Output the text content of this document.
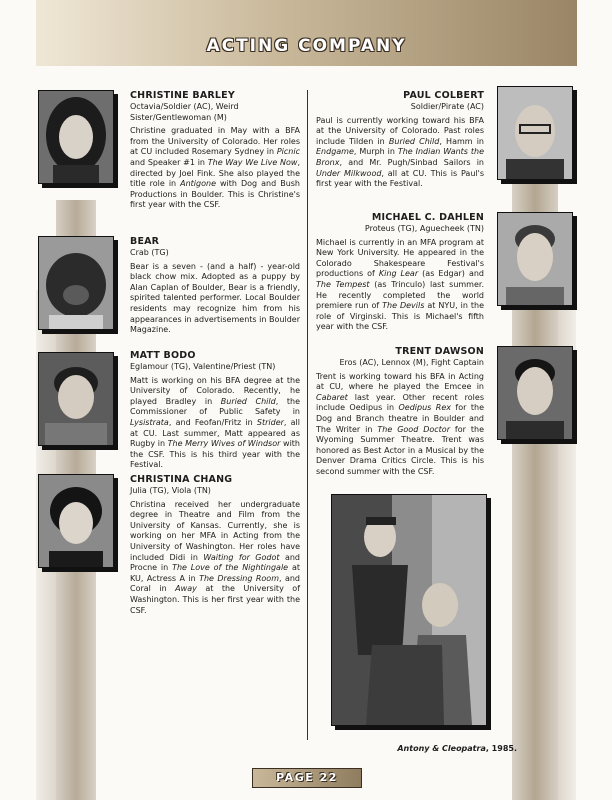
ACTING COMPANY
CHRISTINE BARLEY
Octavia/Soldier (AC), Weird
Sister/Gentlewoman (M)
Christine graduated in May with a BFA from the University of Colorado. Her roles at CU included Rosemary Sydney in Picnic and Speaker #1 in The Way We Live Now, directed by Joel Fink. She also played the title role in Antigone with Dog and Bush Productions in Boulder. This is Christine's first year with the CSF.
BEAR
Crab (TG)
Bear is a seven - (and a half) - year-old black chow mix. Adopted as a puppy by Alan Caplan of Boulder, Bear is a friendly, spirited talented performer. Local Boulder residents may recognize him from his appearances in advertisements in Boulder Magazine.
MATT BODO
Eglamour (TG), Valentine/Priest (TN)
Matt is working on his BFA degree at the University of Colorado. Recently, he played Bradley in Buried Child, the Commissioner of Public Safety in Lysistrata, and Feofan/Fritz in Strider, all at CU. Last summer, Matt appeared as Rugby in The Merry Wives of Windsor with the CSF. This is his third year with the Festival.
CHRISTINA CHANG
Julia (TG), Viola (TN)
Christina received her undergraduate degree in Theatre and Film from the University of Kansas. Currently, she is working on her MFA in Acting from the University of Washington. Her roles have included Didi in Waiting for Godot and Procne in The Love of the Nightingale at KU, Actress A in The Dressing Room, and Coral in Away at the University of Washington. This is her first year with the CSF.
PAUL COLBERT
Soldier/Pirate (AC)
Paul is currently working toward his BFA at the University of Colorado. Past roles include Tilden in Buried Child, Hamm in Endgame, Murph in The Indian Wants the Bronx, and Mr. Pugh/Sinbad Sailors in Under Milkwood, all at CU. This is Paul's first year with the Festival.
MICHAEL C. DAHLEN
Proteus (TG), Aguecheek (TN)
Michael is currently in an MFA program at New York University. He appeared in the Colorado Shakespeare Festival's productions of King Lear (as Edgar) and The Tempest (as Trinculo) last summer. He recently completed the world premiere run of The Devils at NYU, in the role of Virginski. This is Michael's fifth year with the CSF.
TRENT DAWSON
Eros (AC), Lennox (M), Fight Captain
Trent is working toward his BFA in Acting at CU, where he played the Emcee in Cabaret last year. Other recent roles include Oedipus in Oedipus Rex for the Dog and Branch theatre in Boulder and The Writer in The Good Doctor for the Wyoming Summer Theatre. Trent was honored as Best Actor in a Musical by the Denver Drama Critics Circle. This is his second summer with the CSF.
Antony & Cleopatra, 1985.
PAGE 22
